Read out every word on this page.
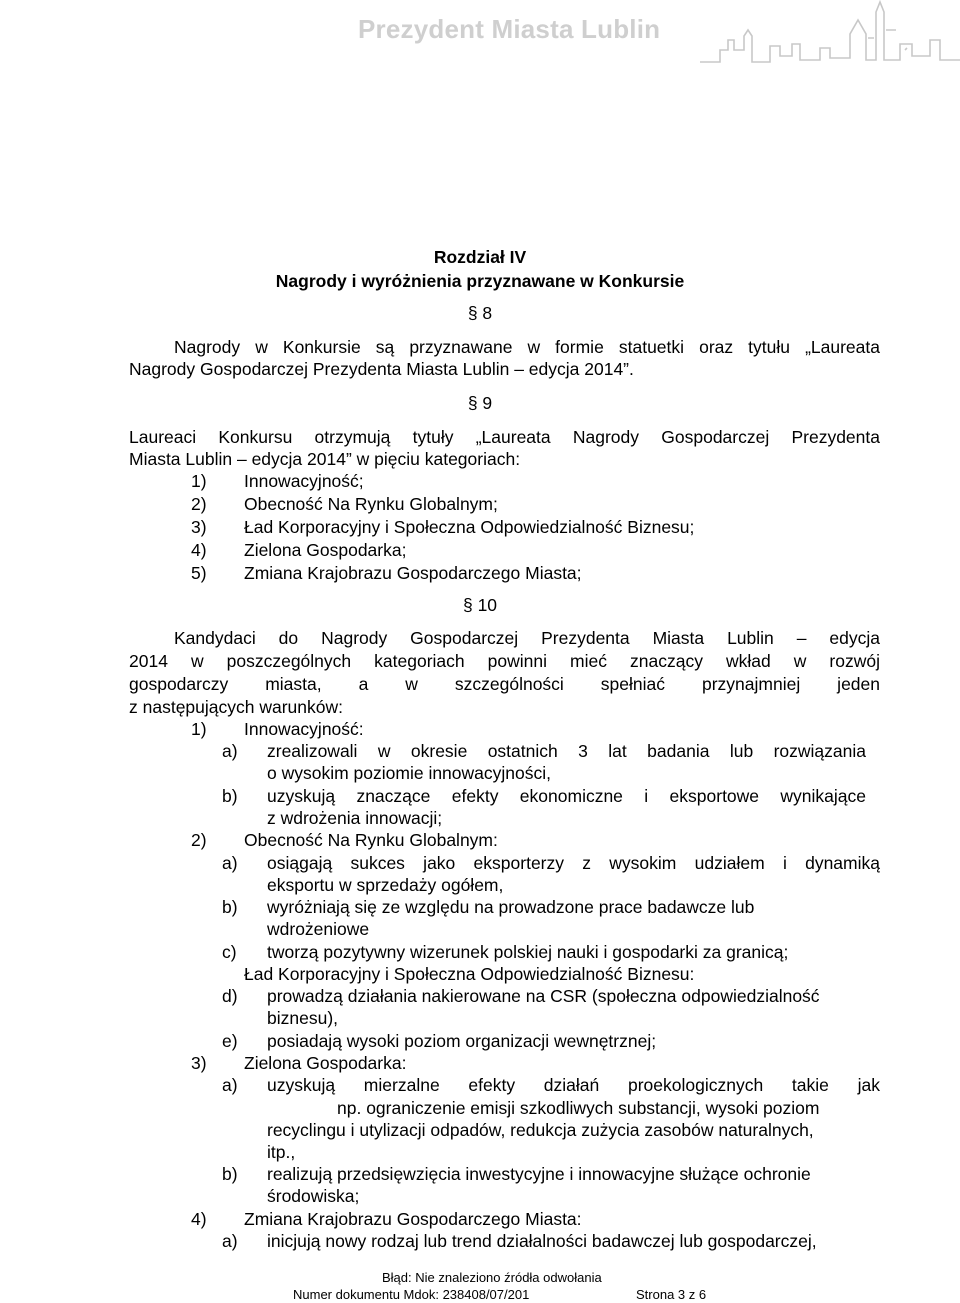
Prezydent Miasta Lublin
Rozdział IV
Nagrody i wyróżnienia przyznawane w Konkursie
§ 8
Nagrody w Konkursie są przyznawane w formie statuetki oraz tytułu „Laureata
Nagrody Gospodarczej Prezydenta Miasta Lublin – edycja 2014”.
§ 9
Laureaci Konkursu otrzymują tytuły „Laureata Nagrody Gospodarczej Prezydenta
Miasta Lublin – edycja 2014” w pięciu kategoriach:
1) Innowacyjność;
2) Obecność Na Rynku Globalnym;
3) Ład Korporacyjny i Społeczna Odpowiedzialność Biznesu;
4) Zielona Gospodarka;
5) Zmiana Krajobrazu Gospodarczego Miasta;
§ 10
Kandydaci do Nagrody Gospodarczej Prezydenta Miasta Lublin – edycja
2014 w poszczególnych kategoriach powinni mieć znaczący wkład w rozwój
gospodarczy miasta, a w szczególności spełniać przynajmniej jeden
z następujących warunków:
1) Innowacyjność:
a) zrealizowali w okresie ostatnich 3 lat badania lub rozwiązania
o wysokim poziomie innowacyjności,
b) uzyskują znaczące efekty ekonomiczne i eksportowe wynikające
z wdrożenia innowacji;
2) Obecność Na Rynku Globalnym:
a) osiągają sukces jako eksporterzy z wysokim udziałem i dynamiką
eksportu w sprzedaży ogółem,
b) wyróżniają się ze względu na prowadzone prace badawcze lub
wdrożeniowe
c) tworzą pozytywny wizerunek polskiej nauki i gospodarki za granicą;
Ład Korporacyjny i Społeczna Odpowiedzialność Biznesu:
d) prowadzą działania nakierowane na CSR (społeczna odpowiedzialność
biznesu),
e) posiadają wysoki poziom organizacji wewnętrznej;
3) Zielona Gospodarka:
a) uzyskują mierzalne efekty działań proekologicznych takie jak
np. ograniczenie emisji szkodliwych substancji, wysoki poziom
recyclingu i utylizacji odpadów, redukcja zużycia zasobów naturalnych,
itp.,
b) realizują przedsięwzięcia inwestycyjne i innowacyjne służące ochronie
środowiska;
4) Zmiana Krajobrazu Gospodarczego Miasta:
a) inicjują nowy rodzaj lub trend działalności badawczej lub gospodarczej,
Błąd: Nie znaleziono źródła odwołania
Numer dokumentu Mdok: 238408/07/201	Strona 3 z 6
